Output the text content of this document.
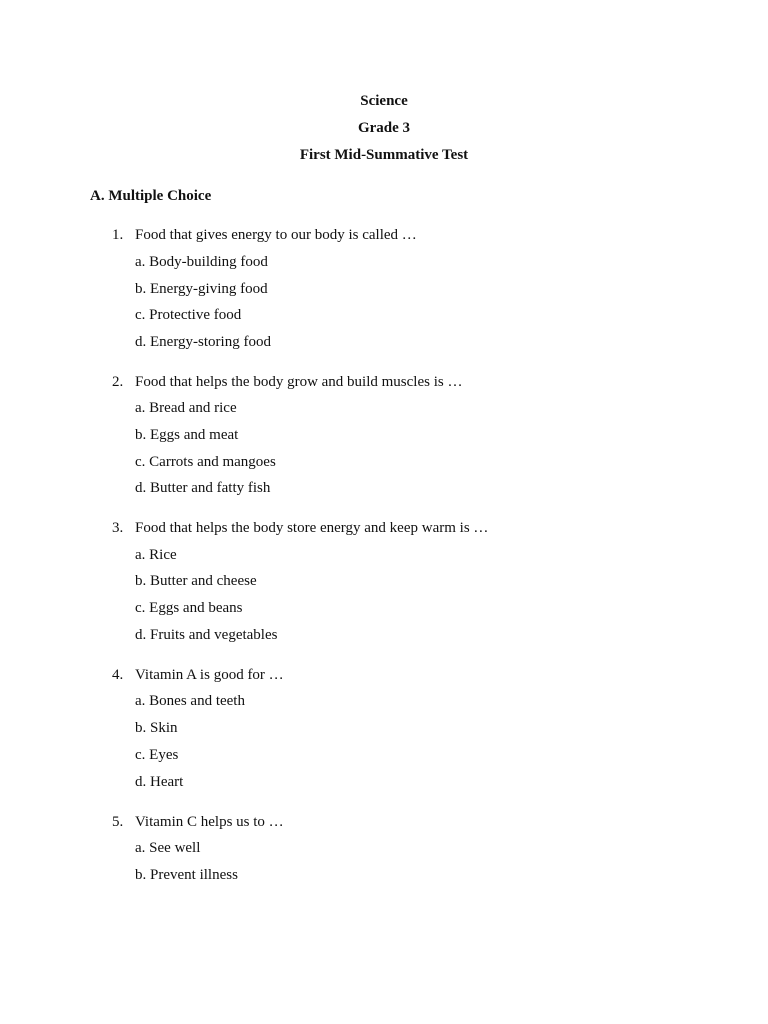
Science
Grade 3
First Mid-Summative Test
A. Multiple Choice
1. Food that gives energy to our body is called …
a. Body-building food
b. Energy-giving food
c. Protective food
d. Energy-storing food
2. Food that helps the body grow and build muscles is …
a. Bread and rice
b. Eggs and meat
c. Carrots and mangoes
d. Butter and fatty fish
3. Food that helps the body store energy and keep warm is …
a. Rice
b. Butter and cheese
c. Eggs and beans
d. Fruits and vegetables
4. Vitamin A is good for …
a. Bones and teeth
b. Skin
c. Eyes
d. Heart
5. Vitamin C helps us to …
a. See well
b. Prevent illness
